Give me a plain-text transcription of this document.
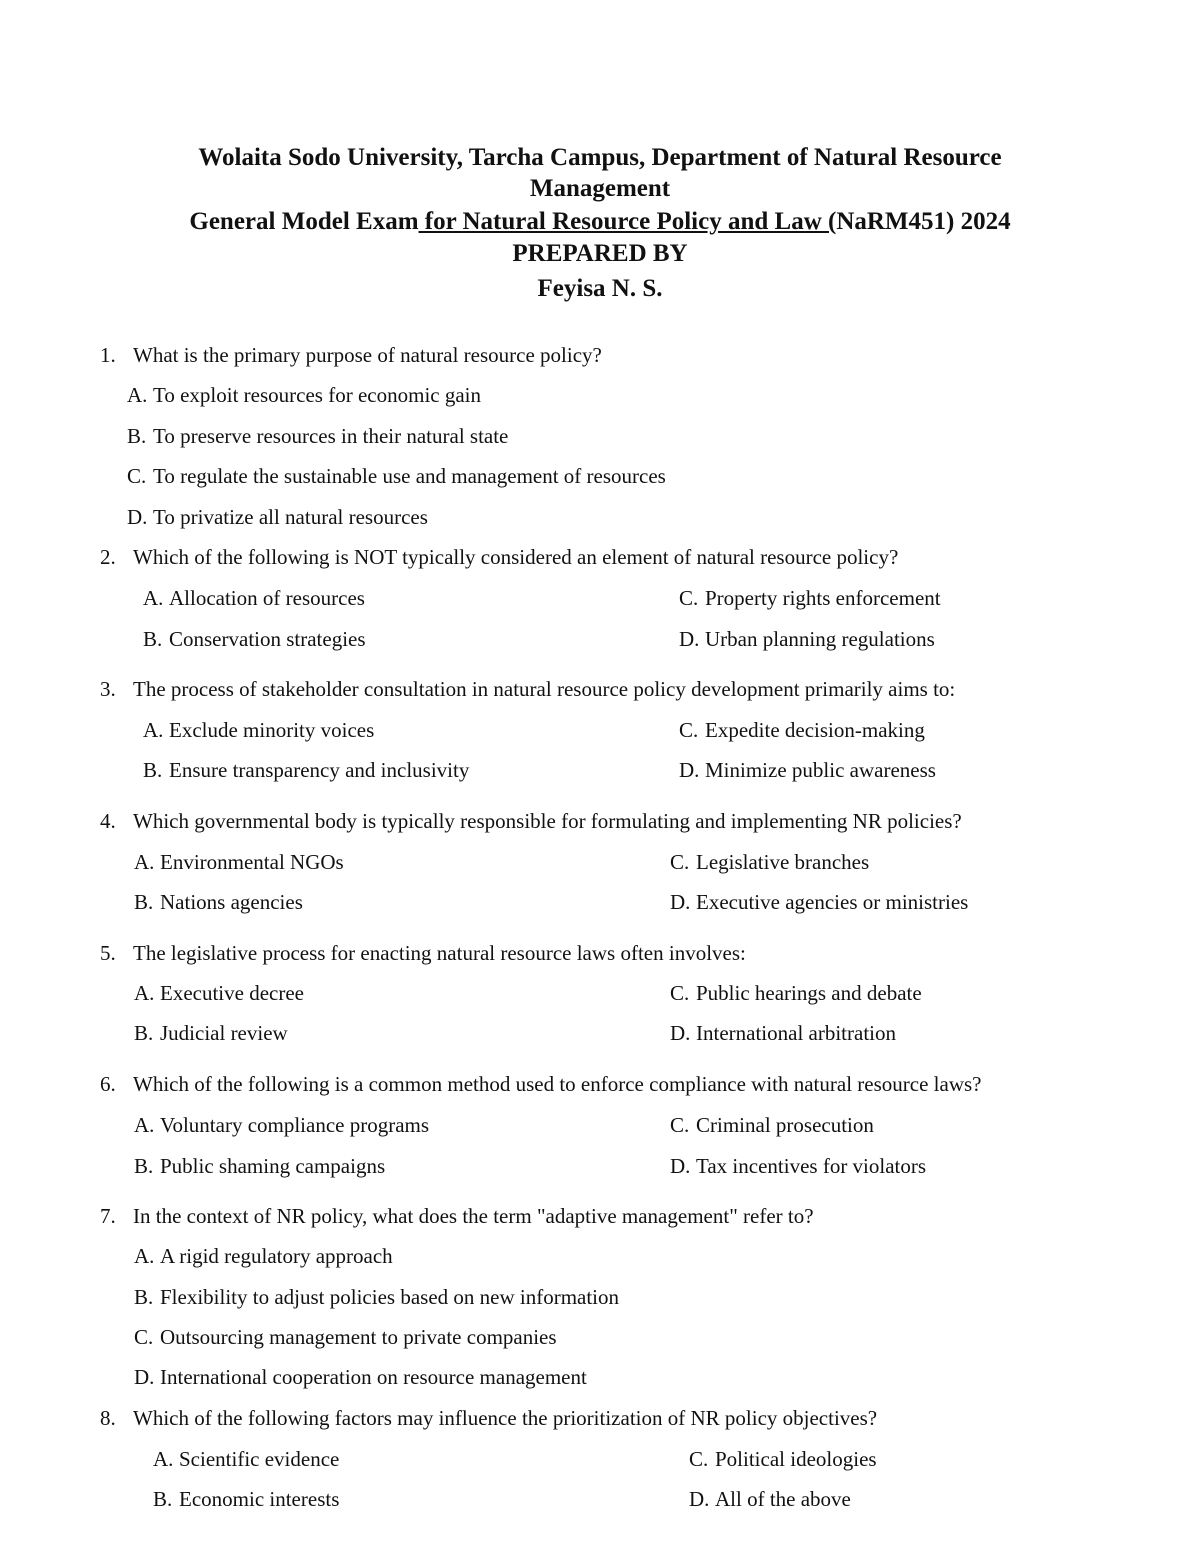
Wolaita Sodo University, Tarcha Campus, Department of Natural Resource
Management
General Model Exam for Natural Resource Policy and Law (NaRM451) 2024
PREPARED BY
Feyisa N. S.
1. What is the primary purpose of natural resource policy?
A. To exploit resources for economic gain
B. To preserve resources in their natural state
C. To regulate the sustainable use and management of resources
D. To privatize all natural resources
2. Which of the following is NOT typically considered an element of natural resource policy?
A. Allocation of resources
B. Conservation strategies
C. Property rights enforcement
D. Urban planning regulations
3. The process of stakeholder consultation in natural resource policy development primarily aims to:
A. Exclude minority voices
B. Ensure transparency and inclusivity
C. Expedite decision-making
D. Minimize public awareness
4. Which governmental body is typically responsible for formulating and implementing NR policies?
A. Environmental NGOs
B. Nations agencies
C. Legislative branches
D. Executive agencies or ministries
5. The legislative process for enacting natural resource laws often involves:
A. Executive decree
B. Judicial review
C. Public hearings and debate
D. International arbitration
6. Which of the following is a common method used to enforce compliance with natural resource laws?
A. Voluntary compliance programs
B. Public shaming campaigns
C. Criminal prosecution
D. Tax incentives for violators
7. In the context of NR policy, what does the term "adaptive management" refer to?
A. A rigid regulatory approach
B. Flexibility to adjust policies based on new information
C. Outsourcing management to private companies
D. International cooperation on resource management
8. Which of the following factors may influence the prioritization of NR policy objectives?
A. Scientific evidence
B. Economic interests
C. Political ideologies
D. All of the above
